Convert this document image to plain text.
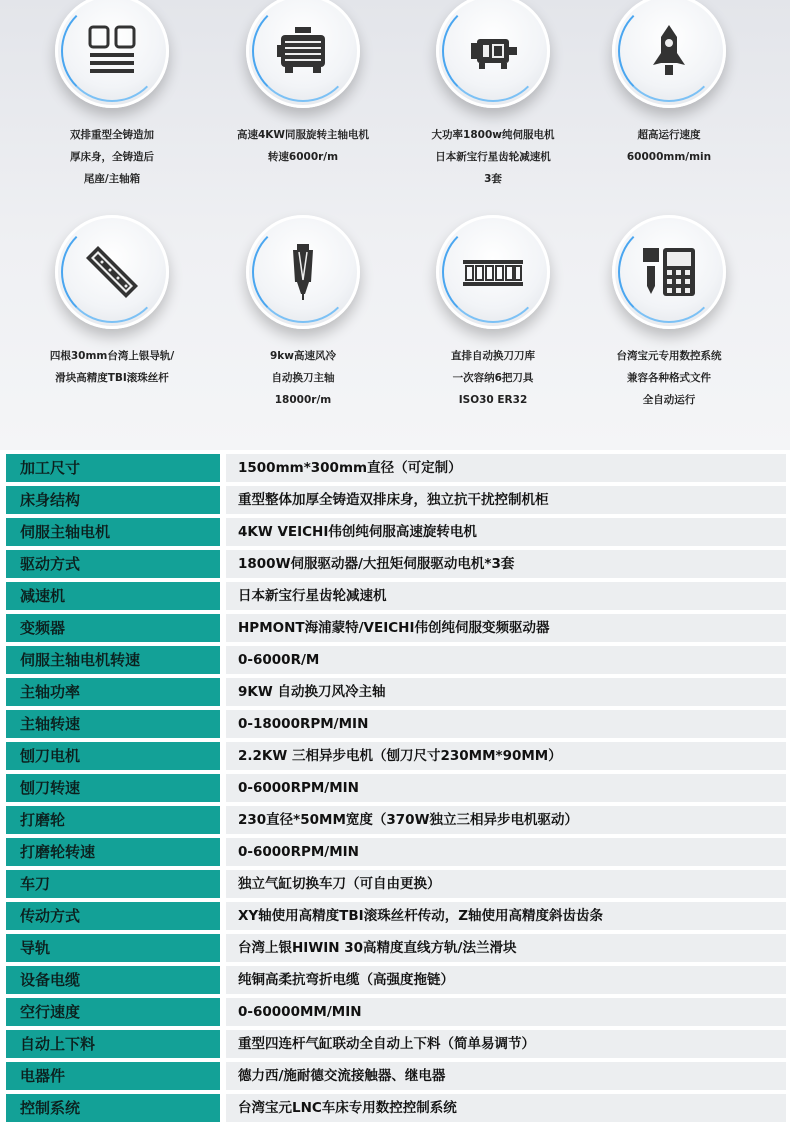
双排重型全铸造加
厚床身，全铸造后
尾座/主轴箱
高速4KW同服旋转主轴电机
转速6000r/m
大功率1800w纯伺服电机
日本新宝行星齿轮减速机
3套
超高运行速度
60000mm/min
四根30mm台湾上银导轨/
滑块高精度TBI滚珠丝杆
9kw高速风冷
自动换刀主轴
18000r/m
直排自动换刀刀库
一次容纳6把刀具
ISO30 ER32
台湾宝元专用数控系统
兼容各种格式文件
全自动运行
加工尺寸	1500mm*300mm直径（可定制）
床身结构	重型整体加厚全铸造双排床身，独立抗干扰控制机柜
伺服主轴电机	4KW VEICHI伟创纯伺服高速旋转电机
驱动方式	1800W伺服驱动器/大扭矩伺服驱动电机*3套
减速机	日本新宝行星齿轮减速机
变频器	HPMONT海浦蒙特/VEICHI伟创纯伺服变频驱动器
伺服主轴电机转速	0-6000R/M
主轴功率	9KW 自动换刀风冷主轴
主轴转速	0-18000RPM/MIN
刨刀电机	2.2KW 三相异步电机（刨刀尺寸230MM*90MM）
刨刀转速	0-6000RPM/MIN
打磨轮	230直径*50MM宽度（370W独立三相异步电机驱动）
打磨轮转速	0-6000RPM/MIN
车刀	独立气缸切换车刀（可自由更换）
传动方式	XY轴使用高精度TBI滚珠丝杆传动，Z轴使用高精度斜齿齿条
导轨	台湾上银HIWIN 30高精度直线方轨/法兰滑块
设备电缆	纯铜高柔抗弯折电缆（高强度拖链）
空行速度	0-60000MM/MIN
自动上下料	重型四连杆气缸联动全自动上下料（简单易调节）
电器件	德力西/施耐德交流接触器、继电器
控制系统	台湾宝元LNC车床专用数控控制系统
